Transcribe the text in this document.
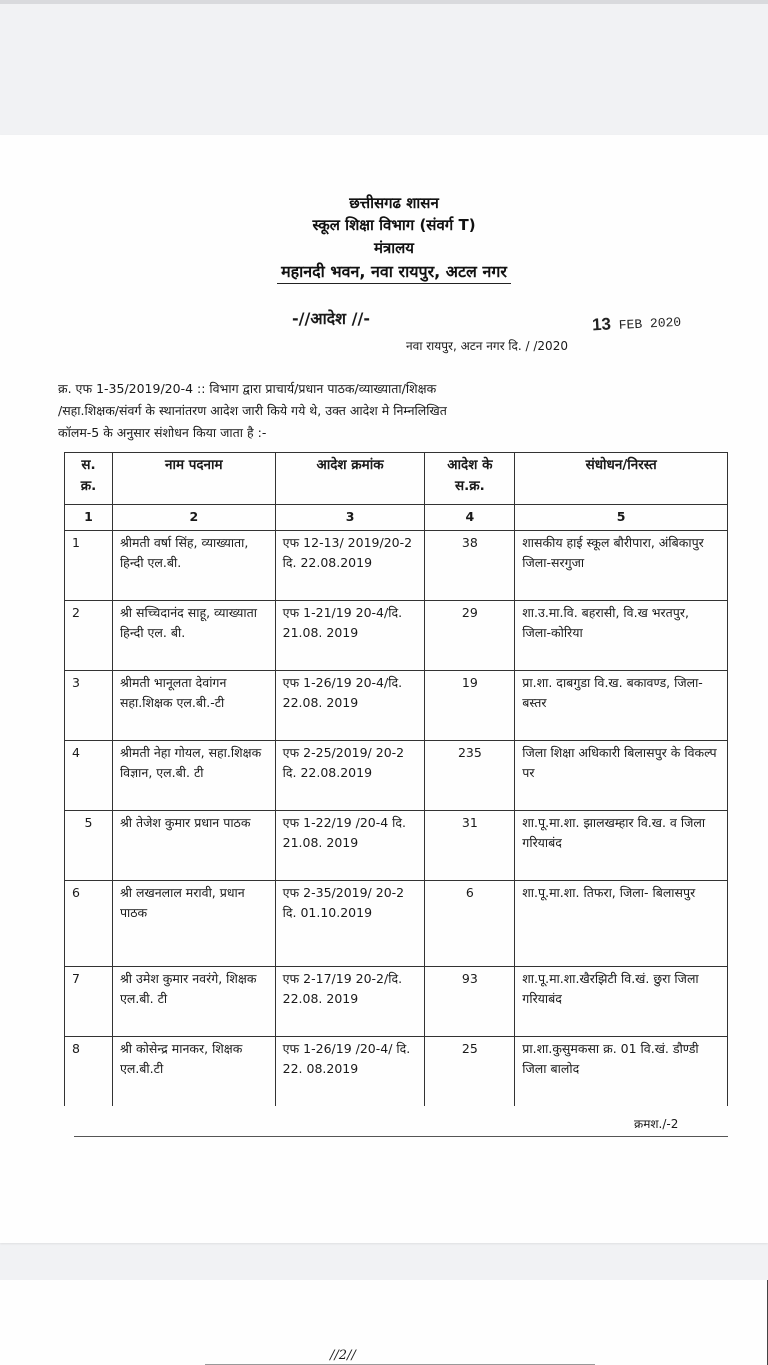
छत्तीसगढ शासन
स्कूल शिक्षा विभाग (संवर्ग T)
मंत्रालय
महानदी भवन, नवा रायपुर, अटल नगर
-//आदेश //-	13 FEB 2020
नवा रायपुर, अटन नगर दि. / /2020
क्र. एफ 1-35/2019/20-4 :: विभाग द्वारा प्राचार्य/प्रधान पाठक/व्याख्याता/शिक्षक
/सहा.शिक्षक/संवर्ग के स्थानांतरण आदेश जारी किये गये थे, उक्त आदेश मे निम्नलिखित
कॉलम-5 के अनुसार संशोधन किया जाता है :-
स. क्र.	नाम पदनाम	आदेश क्रमांक	आदेश के स.क्र.	संधोधन/निरस्त
1	2	3	4	5
1	श्रीमती वर्षा सिंह, व्याख्याता, हिन्दी एल.बी.	एफ 12-13/ 2019/20-2 दि. 22.08.2019	38	शासकीय हाई स्कूल बौरीपारा, अंबिकापुर जिला-सरगुजा
2	श्री सच्चिदानंद साहू, व्याख्याता हिन्दी एल. बी.	एफ 1-21/19 20-4/दि. 21.08. 2019	29	शा.उ.मा.वि. बहरासी, वि.ख भरतपुर, जिला-कोरिया
3	श्रीमती भानूलता देवांगन सहा.शिक्षक एल.बी.-टी	एफ 1-26/19 20-4/दि. 22.08. 2019	19	प्रा.शा. दाबगुडा वि.ख. बकावण्ड, जिला-बस्तर
4	श्रीमती नेहा गोयल, सहा.शिक्षक विज्ञान, एल.बी. टी	एफ 2-25/2019/ 20-2 दि. 22.08.2019	235	जिला शिक्षा अधिकारी बिलासपुर के विकल्प पर
5	श्री तेजेश कुमार प्रधान पाठक	एफ 1-22/19 /20-4 दि. 21.08. 2019	31	शा.पू.मा.शा. झालखम्हार वि.ख. व जिला गरियाबंद
6	श्री लखनलाल मरावी, प्रधान पाठक	एफ 2-35/2019/ 20-2 दि. 01.10.2019	6	शा.पू.मा.शा. तिफरा, जिला- बिलासपुर
7	श्री उमेश कुमार नवरंगे, शिक्षक एल.बी. टी	एफ 2-17/19 20-2/दि. 22.08. 2019	93	शा.पू.मा.शा.खैरझिटी वि.खं. छुरा जिला गरियाबंद
8	श्री कोसेन्द्र मानकर, शिक्षक एल.बी.टी	एफ 1-26/19 /20-4/ दि. 22. 08.2019	25	प्रा.शा.कुसुमकसा क्र. 01 वि.खं. डौण्डी जिला बालोद
क्रमश./-2
//2//
